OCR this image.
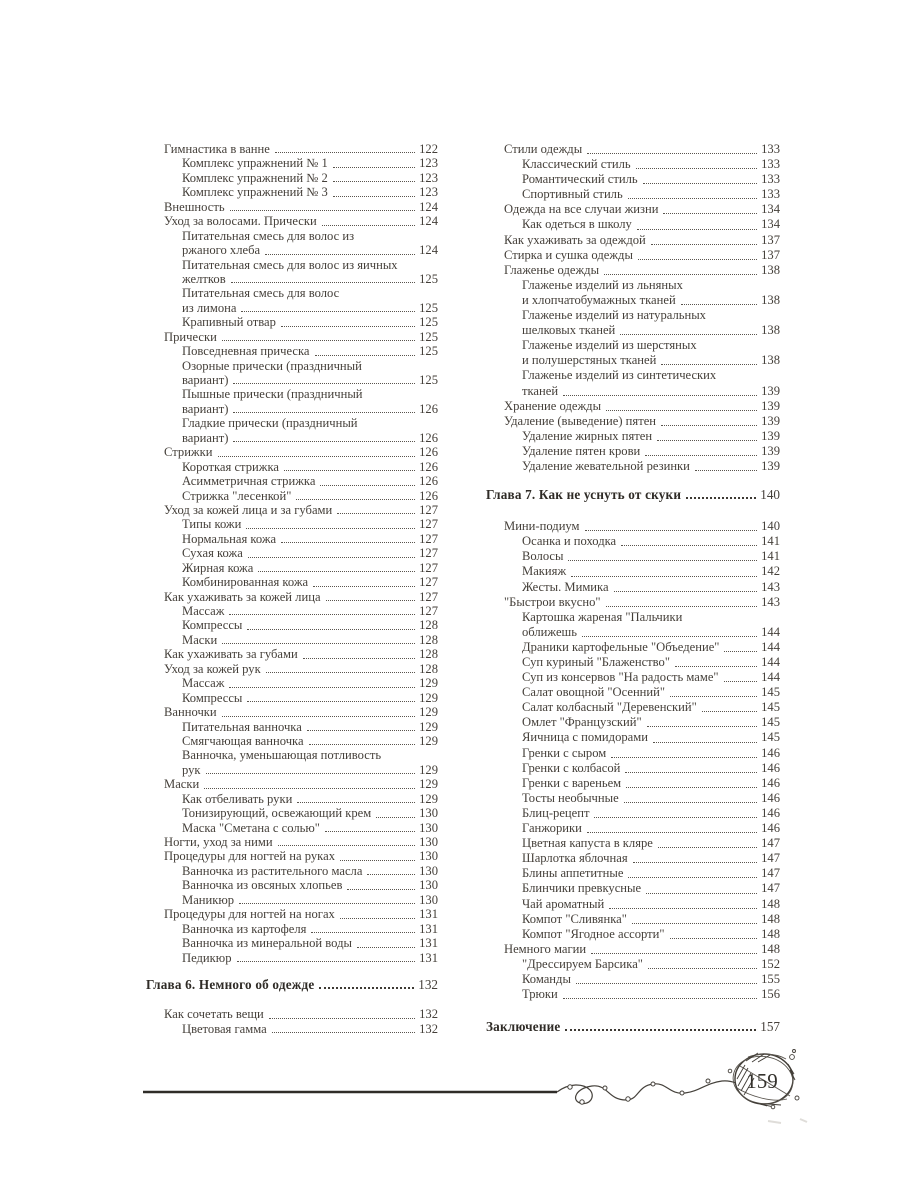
Гимнастика в ванне	122
Комплекс упражнений № 1	123
Комплекс упражнений № 2	123
Комплекс упражнений № 3	123
Внешность	124
Уход за волосами. Прически	124
Питательная смесь для волос из
ржаного хлеба	124
Питательная смесь для волос из яичных
желтков	125
Питательная смесь для волос
из лимона	125
Крапивный отвар	125
Прически	125
Повседневная прическа	125
Озорные прически (праздничный
вариант)	125
Пышные прически (праздничный
вариант)	126
Гладкие прически (праздничный
вариант)	126
Стрижки	126
Короткая стрижка	126
Асимметричная стрижка	126
Стрижка "лесенкой"	126
Уход за кожей лица и за губами	127
Типы кожи	127
Нормальная кожа	127
Сухая кожа	127
Жирная кожа	127
Комбинированная кожа	127
Как ухаживать за кожей лица	127
Массаж	127
Компрессы	128
Маски	128
Как ухаживать за губами	128
Уход за кожей рук	128
Массаж	129
Компрессы	129
Ванночки	129
Питательная ванночка	129
Смягчающая ванночка	129
Ванночка, уменьшающая потливость
рук	129
Маски	129
Как отбеливать руки	129
Тонизирующий, освежающий крем	130
Маска "Сметана с солью"	130
Ногти, уход за ними	130
Процедуры для ногтей на руках	130
Ванночка из растительного масла	130
Ванночка из овсяных хлопьев	130
Маникюр	130
Процедуры для ногтей на ногах	131
Ванночка из картофеля	131
Ванночка из минеральной воды	131
Педикюр	131
Глава 6. Немного об одежде	132
Как сочетать вещи	132
Цветовая гамма	132
Стили одежды	133
Классический стиль	133
Романтический стиль	133
Спортивный стиль	133
Одежда на все случаи жизни	134
Как одеться в школу	134
Как ухаживать за одеждой	137
Стирка и сушка одежды	137
Глаженье одежды	138
Глаженье изделий из льняных
и хлопчатобумажных тканей	138
Глаженье изделий из натуральных
шелковых тканей	138
Глаженье изделий из шерстяных
и полушерстяных тканей	138
Глаженье изделий из синтетических
тканей	139
Хранение одежды	139
Удаление (выведение) пятен	139
Удаление жирных пятен	139
Удаление пятен крови	139
Удаление жевательной резинки	139
Глава 7. Как не уснуть от скуки	140
Мини-подиум	140
Осанка и походка	141
Волосы	141
Макияж	142
Жесты. Мимика	143
"Быстрои вкусно"	143
Картошка жареная "Пальчики
оближешь	144
Драники картофельные "Объедение"	144
Суп куриный "Блаженство"	144
Суп из консервов "На радость маме"	144
Салат овощной "Осенний"	145
Салат колбасный "Деревенский"	145
Омлет "Французский"	145
Яичница с помидорами	145
Гренки с сыром	146
Гренки с колбасой	146
Гренки с вареньем	146
Тосты необычные	146
Блиц-рецепт	146
Ганжорики	146
Цветная капуста в кляре	147
Шарлотка яблочная	147
Блины аппетитные	147
Блинчики превкусные	147
Чай ароматный	148
Компот "Сливянка"	148
Компот "Ягодное ассорти"	148
Немного магии	148
"Дрессируем Барсика"	152
Команды	155
Трюки	156
Заключение	157
159
